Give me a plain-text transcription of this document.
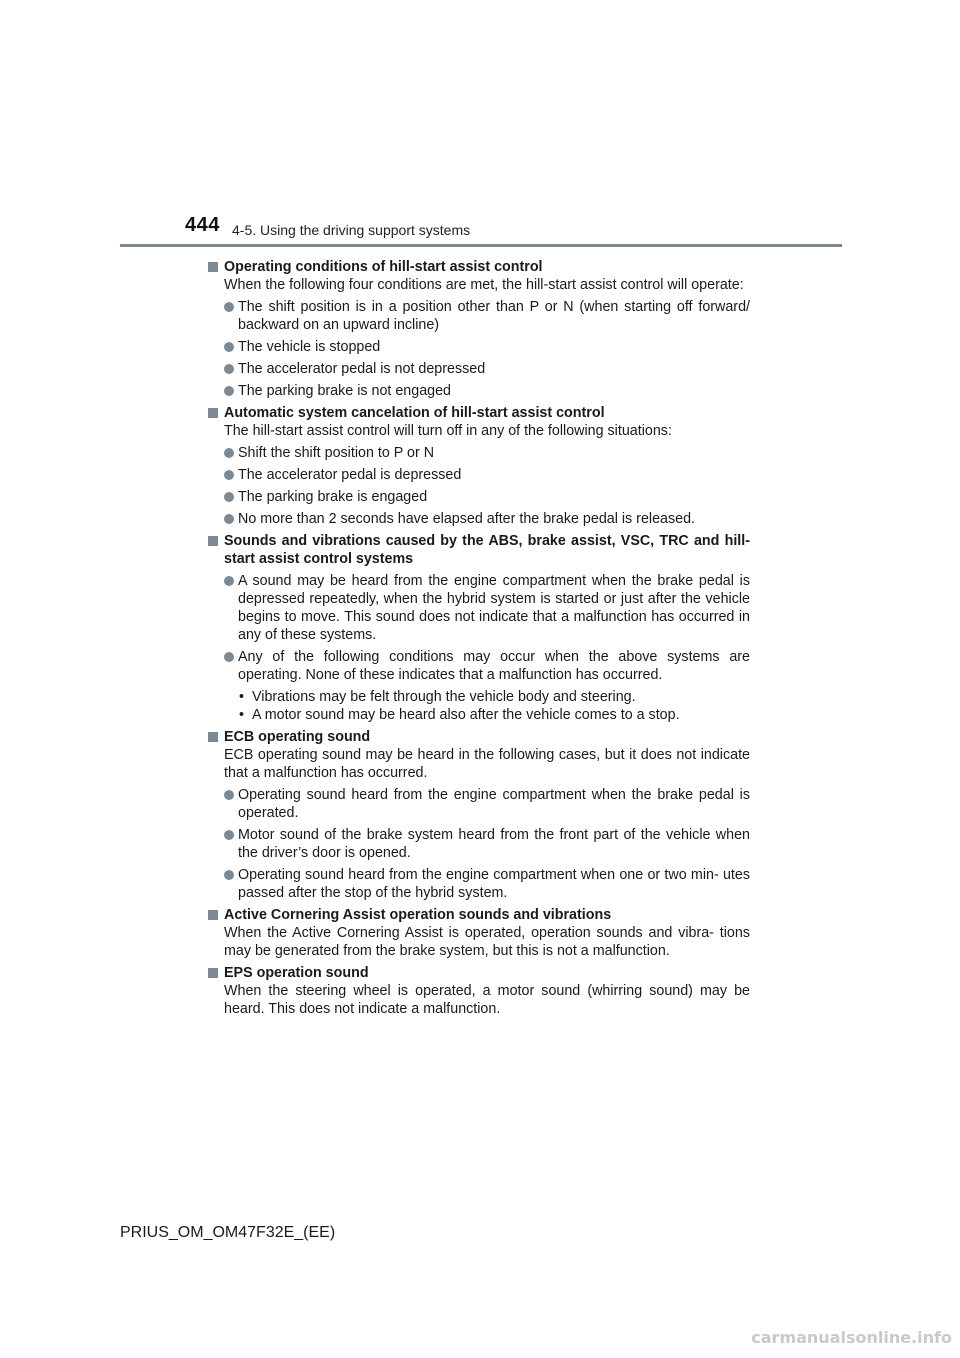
444 4-5. Using the driving support systems

Operating conditions of hill-start assist control

When the following four conditions are met, the hill-start assist control will operate:

The shift position is in a position other than P or N (when starting off forward/ backward on an upward incline)

The vehicle is stopped

The accelerator pedal is not depressed

The parking brake is not engaged

Automatic system cancelation of hill-start assist control

The hill-start assist control will turn off in any of the following situations:

Shift the shift position to P or N

The accelerator pedal is depressed

The parking brake is engaged

No more than 2 seconds have elapsed after the brake pedal is released.

Sounds and vibrations caused by the ABS, brake assist, VSC, TRC and hill-start assist control systems

A sound may be heard from the engine compartment when the brake pedal is depressed repeatedly, when the hybrid system is started or just after the vehicle begins to move. This sound does not indicate that a malfunction has occurred in any of these systems.

Any of the following conditions may occur when the above systems are operating. None of these indicates that a malfunction has occurred.

• Vibrations may be felt through the vehicle body and steering.

• A motor sound may be heard also after the vehicle comes to a stop.

ECB operating sound

ECB operating sound may be heard in the following cases, but it does not indicate that a malfunction has occurred.

Operating sound heard from the engine compartment when the brake pedal is operated.

Motor sound of the brake system heard from the front part of the vehicle when the driver’s door is opened.

Operating sound heard from the engine compartment when one or two min- utes passed after the stop of the hybrid system.

Active Cornering Assist operation sounds and vibrations

When the Active Cornering Assist is operated, operation sounds and vibra- tions may be generated from the brake system, but this is not a malfunction.

EPS operation sound

When the steering wheel is operated, a motor sound (whirring sound) may be heard. This does not indicate a malfunction.

PRIUS_OM_OM47F32E_(EE)
carmanualsonline.info
